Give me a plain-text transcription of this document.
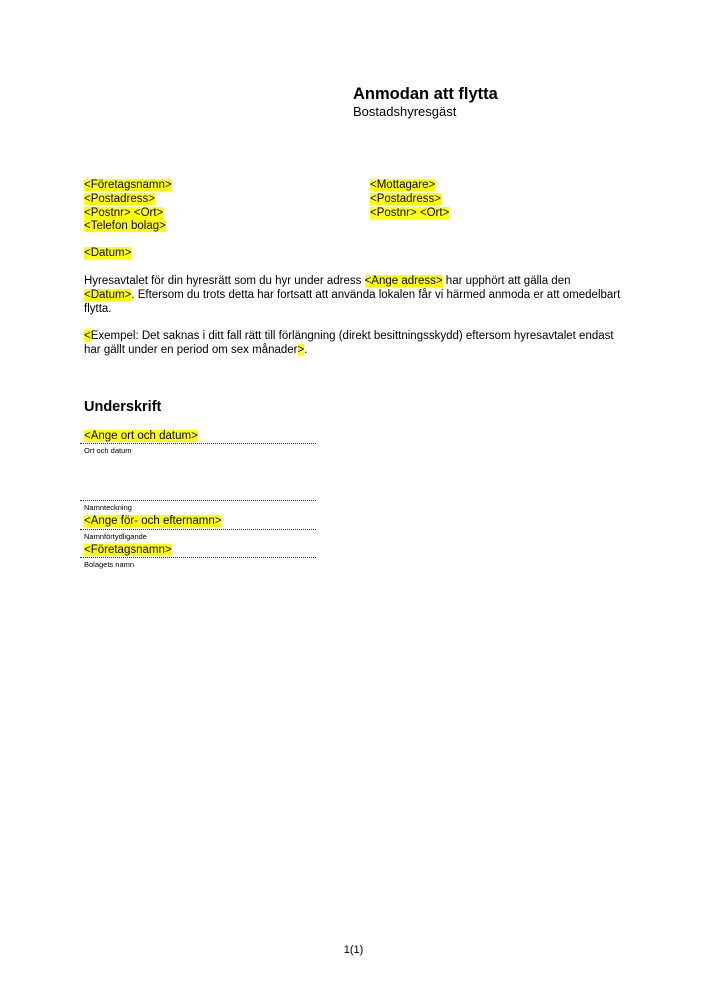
Anmodan att flytta
Bostadshyresgäst
<Företagsnamn>
<Postadress>
<Postnr> <Ort>
<Telefon bolag>
<Mottagare>
<Postadress>
<Postnr> <Ort>
<Datum>
Hyresavtalet för din hyresrätt som du hyr under adress <Ange adress> har upphört att gälla den <Datum>. Eftersom du trots detta har fortsatt att använda lokalen får vi härmed anmoda er att omedelbart flytta.
<Exempel: Det saknas i ditt fall rätt till förlängning (direkt besittningsskydd) eftersom hyresavtalet endast har gällt under en period om sex månader>.
Underskrift
<Ange ort och datum>
Ort och datum
Namnteckning
<Ange för- och efternamn>
Namnförtydligande
<Företagsnamn>
Bolagets namn
1(1)
